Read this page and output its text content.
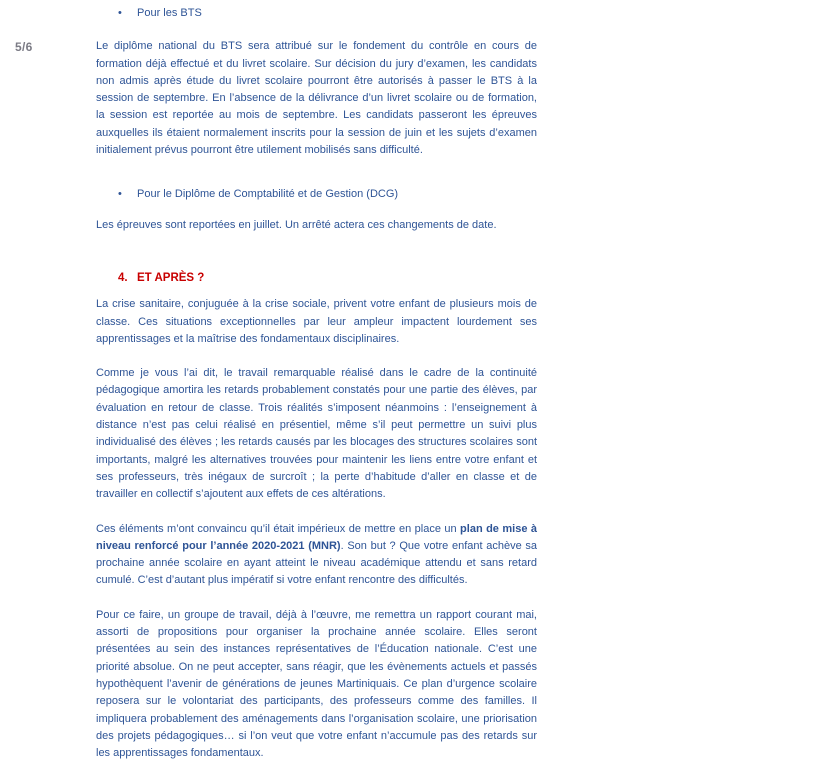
5/6
•	Pour les BTS

Le diplôme national du BTS sera attribué sur le fondement du contrôle en cours de formation déjà effectué et du livret scolaire. Sur décision du jury d’examen, les candidats non admis après étude du livret scolaire pourront être autorisés à passer le BTS à la session de septembre. En l’absence de la délivrance d’un livret scolaire ou de formation, la session est reportée au mois de septembre. Les candidats passeront les épreuves auxquelles ils étaient normalement inscrits pour la session de juin et les sujets d’examen initialement prévus pourront être utilement mobilisés sans difficulté.

•	Pour le Diplôme de Comptabilité et de Gestion (DCG)

Les épreuves sont reportées en juillet. Un arrêté actera ces changements de date.

4. ET APRÈS ?

La crise sanitaire, conjuguée à la crise sociale, privent votre enfant de plusieurs mois de classe. Ces situations exceptionnelles par leur ampleur impactent lourdement ses apprentissages et la maîtrise des fondamentaux disciplinaires.

Comme je vous l’ai dit, le travail remarquable réalisé dans le cadre de la continuité pédagogique amortira les retards probablement constatés pour une partie des élèves, par évaluation en retour de classe. Trois réalités s’imposent néanmoins : l’enseignement à distance n’est pas celui réalisé en présentiel, même s’il peut permettre un suivi plus individualisé des élèves ; les retards causés par les blocages des structures scolaires sont importants, malgré les alternatives trouvées pour maintenir les liens entre votre enfant et ses professeurs, très inégaux de surcroît ; la perte d’habitude d’aller en classe et de travailler en collectif s’ajoutent aux effets de ces altérations.

Ces éléments m’ont convaincu qu’il était impérieux de mettre en place un plan de mise à niveau renforcé pour l’année 2020-2021 (MNR). Son but ? Que votre enfant achève sa prochaine année scolaire en ayant atteint le niveau académique attendu et sans retard cumulé. C’est d’autant plus impératif si votre enfant rencontre des difficultés.

Pour ce faire, un groupe de travail, déjà à l’œuvre, me remettra un rapport courant mai, assorti de propositions pour organiser la prochaine année scolaire. Elles seront présentées au sein des instances représentatives de l’Éducation nationale. C’est une priorité absolue. On ne peut accepter, sans réagir, que les évènements actuels et passés hypothèquent l’avenir de générations de jeunes Martiniquais. Ce plan d’urgence scolaire reposera sur le volontariat des participants, des professeurs comme des familles. Il impliquera probablement des aménagements dans l’organisation scolaire, une priorisation des projets pédagogiques… si l’on veut que votre enfant n’accumule pas des retards sur les apprentissages fondamentaux.
